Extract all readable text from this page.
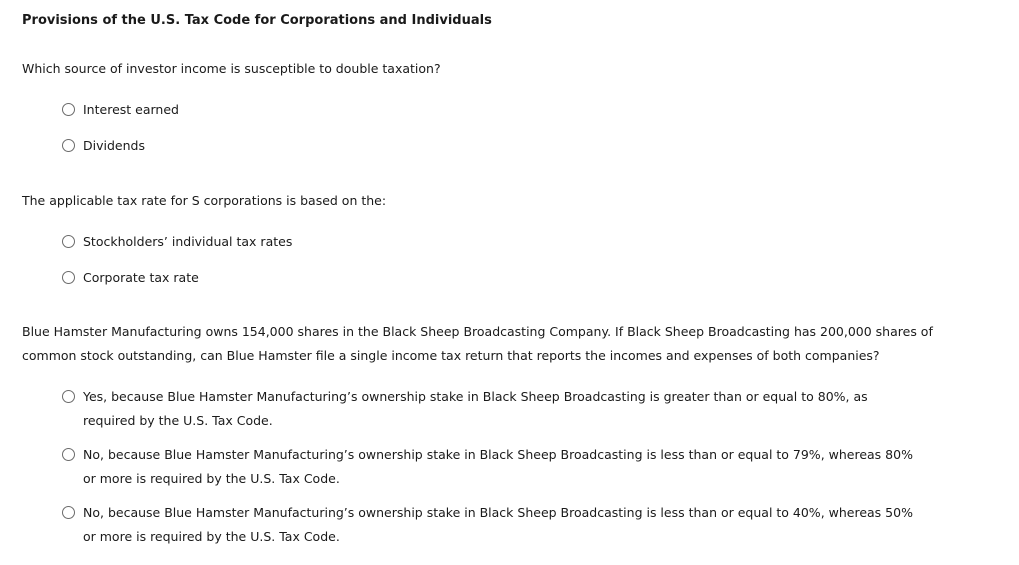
Provisions of the U.S. Tax Code for Corporations and Individuals
Which source of investor income is susceptible to double taxation?
Interest earned
Dividends
The applicable tax rate for S corporations is based on the:
Stockholders’ individual tax rates
Corporate tax rate
Blue Hamster Manufacturing owns 154,000 shares in the Black Sheep Broadcasting Company. If Black Sheep Broadcasting has 200,000 shares of common stock outstanding, can Blue Hamster file a single income tax return that reports the incomes and expenses of both companies?
Yes, because Blue Hamster Manufacturing’s ownership stake in Black Sheep Broadcasting is greater than or equal to 80%, as required by the U.S. Tax Code.
No, because Blue Hamster Manufacturing’s ownership stake in Black Sheep Broadcasting is less than or equal to 79%, whereas 80% or more is required by the U.S. Tax Code.
No, because Blue Hamster Manufacturing’s ownership stake in Black Sheep Broadcasting is less than or equal to 40%, whereas 50% or more is required by the U.S. Tax Code.
